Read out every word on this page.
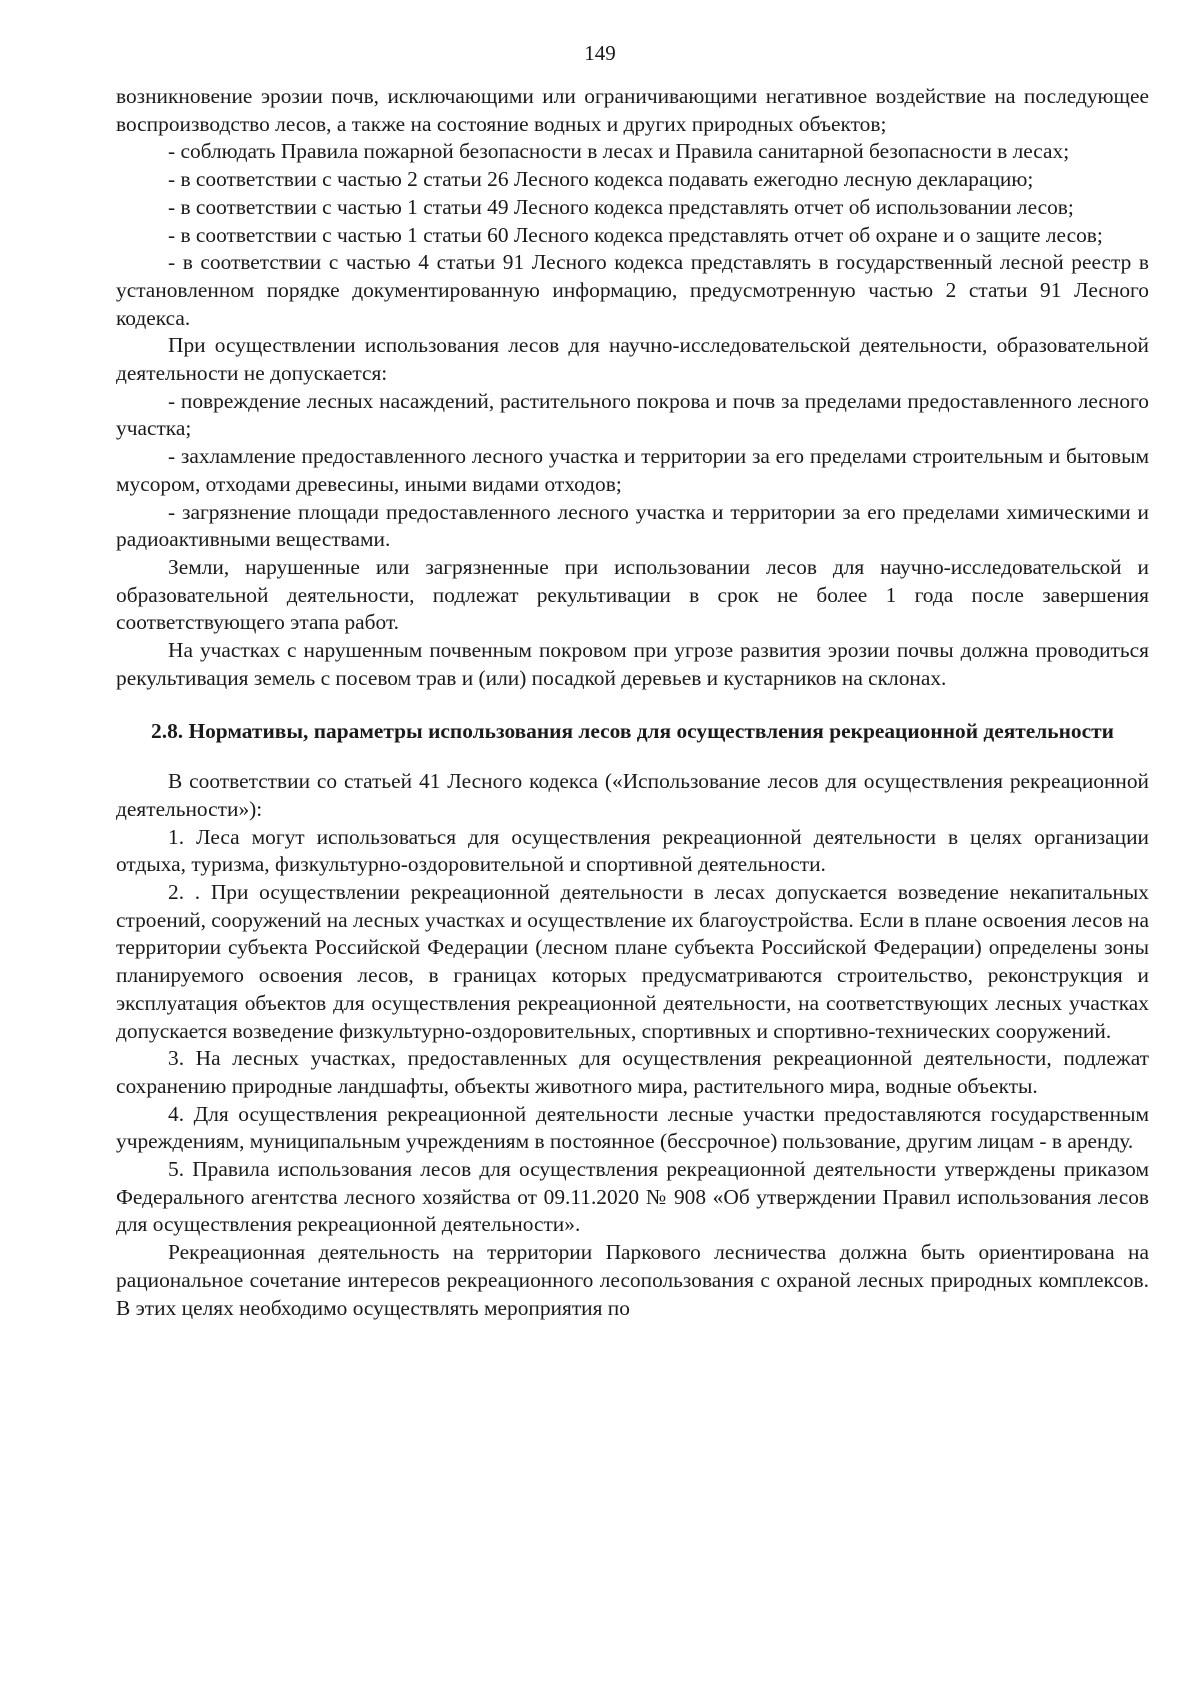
149

возникновение эрозии почв, исключающими или ограничивающими негативное воздействие на последующее воспроизводство лесов, а также на состояние водных и других природных объектов;

- соблюдать Правила пожарной безопасности в лесах и Правила санитарной безопасности в лесах;

- в соответствии с частью 2 статьи 26 Лесного кодекса подавать ежегодно лесную декларацию;

- в соответствии с частью 1 статьи 49 Лесного кодекса представлять отчет об использовании лесов;

- в соответствии с частью 1 статьи 60 Лесного кодекса представлять отчет об охране и о защите лесов;

- в соответствии с частью 4 статьи 91 Лесного кодекса представлять в государственный лесной реестр в установленном порядке документированную информацию, предусмотренную частью 2 статьи 91 Лесного кодекса.

При осуществлении использования лесов для научно-исследовательской деятельности, образовательной деятельности не допускается:

- повреждение лесных насаждений, растительного покрова и почв за пределами предоставленного лесного участка;

- захламление предоставленного лесного участка и территории за его пределами строительным и бытовым мусором, отходами древесины, иными видами отходов;

- загрязнение площади предоставленного лесного участка и территории за его пределами химическими и радиоактивными веществами.

Земли, нарушенные или загрязненные при использовании лесов для научно-исследовательской и образовательной деятельности, подлежат рекультивации в срок не более 1 года после завершения соответствующего этапа работ.

На участках с нарушенным почвенным покровом при угрозе развития эрозии почвы должна проводиться рекультивация земель с посевом трав и (или) посадкой деревьев и кустарников на склонах.

2.8. Нормативы, параметры использования лесов для осуществления рекреационной деятельности

В соответствии со статьей 41 Лесного кодекса («Использование лесов для осуществления рекреационной деятельности»):

1. Леса могут использоваться для осуществления рекреационной деятельности в целях организации отдыха, туризма, физкультурно-оздоровительной и спортивной деятельности.

2. . При осуществлении рекреационной деятельности в лесах допускается возведение некапитальных строений, сооружений на лесных участках и осуществление их благоустройства. Если в плане освоения лесов на территории субъекта Российской Федерации (лесном плане субъекта Российской Федерации) определены зоны планируемого освоения лесов, в границах которых предусматриваются строительство, реконструкция и эксплуатация объектов для осуществления рекреационной деятельности, на соответствующих лесных участках допускается возведение физкультурно-оздоровительных, спортивных и спортивно-технических сооружений.

3. На лесных участках, предоставленных для осуществления рекреационной деятельности, подлежат сохранению природные ландшафты, объекты животного мира, растительного мира, водные объекты.

4. Для осуществления рекреационной деятельности лесные участки предоставляются государственным учреждениям, муниципальным учреждениям в постоянное (бессрочное) пользование, другим лицам - в аренду.

5. Правила использования лесов для осуществления рекреационной деятельности утверждены приказом Федерального агентства лесного хозяйства от 09.11.2020 № 908 «Об утверждении Правил использования лесов для осуществления рекреационной деятельности».

Рекреационная деятельность на территории Паркового лесничества должна быть ориентирована на рациональное сочетание интересов рекреационного лесопользования с охраной лесных природных комплексов. В этих целях необходимо осуществлять мероприятия по
